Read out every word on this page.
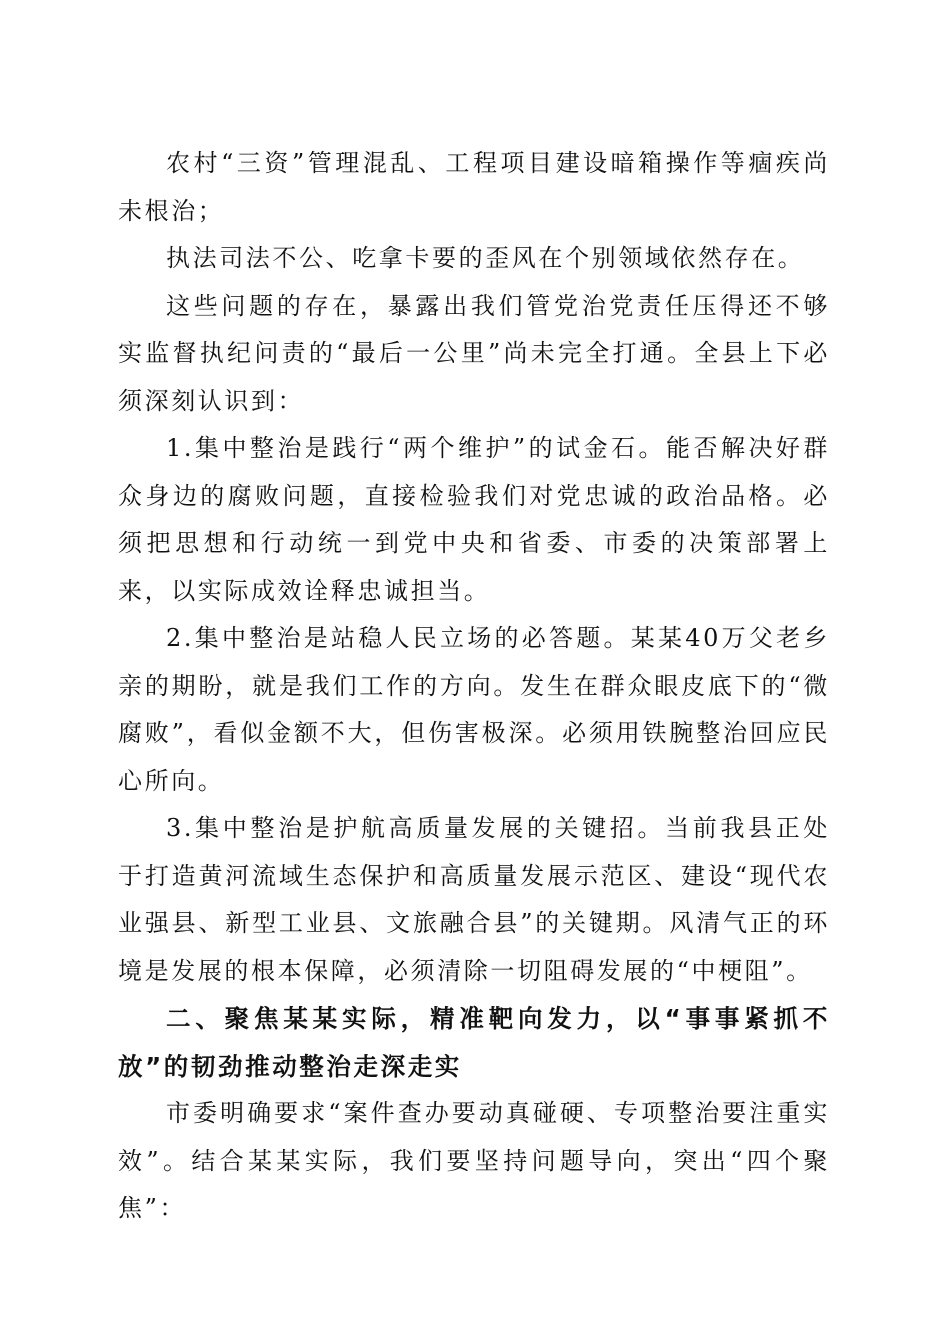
农村“三资”管理混乱、工程项目建设暗箱操作等痼疾尚未根治；

执法司法不公、吃拿卡要的歪风在个别领域依然存在。

这些问题的存在，暴露出我们管党治党责任压得还不够实监督执纪问责的“最后一公里”尚未完全打通。全县上下必须深刻认识到：

1.集中整治是践行“两个维护”的试金石。能否解决好群众身边的腐败问题，直接检验我们对党忠诚的政治品格。必须把思想和行动统一到党中央和省委、市委的决策部署上来，以实际成效诠释忠诚担当。

2.集中整治是站稳人民立场的必答题。某某40万父老乡亲的期盼，就是我们工作的方向。发生在群众眼皮底下的“微腐败”，看似金额不大，但伤害极深。必须用铁腕整治回应民心所向。

3.集中整治是护航高质量发展的关键招。当前我县正处于打造黄河流域生态保护和高质量发展示范区、建设“现代农业强县、新型工业县、文旅融合县”的关键期。风清气正的环境是发展的根本保障，必须清除一切阻碍发展的“中梗阻”。

二、聚焦某某实际，精准靶向发力，以“事事紧抓不放”的韧劲推动整治走深走实

市委明确要求“案件查办要动真碰硬、专项整治要注重实效”。结合某某实际，我们要坚持问题导向，突出“四个聚焦”：
